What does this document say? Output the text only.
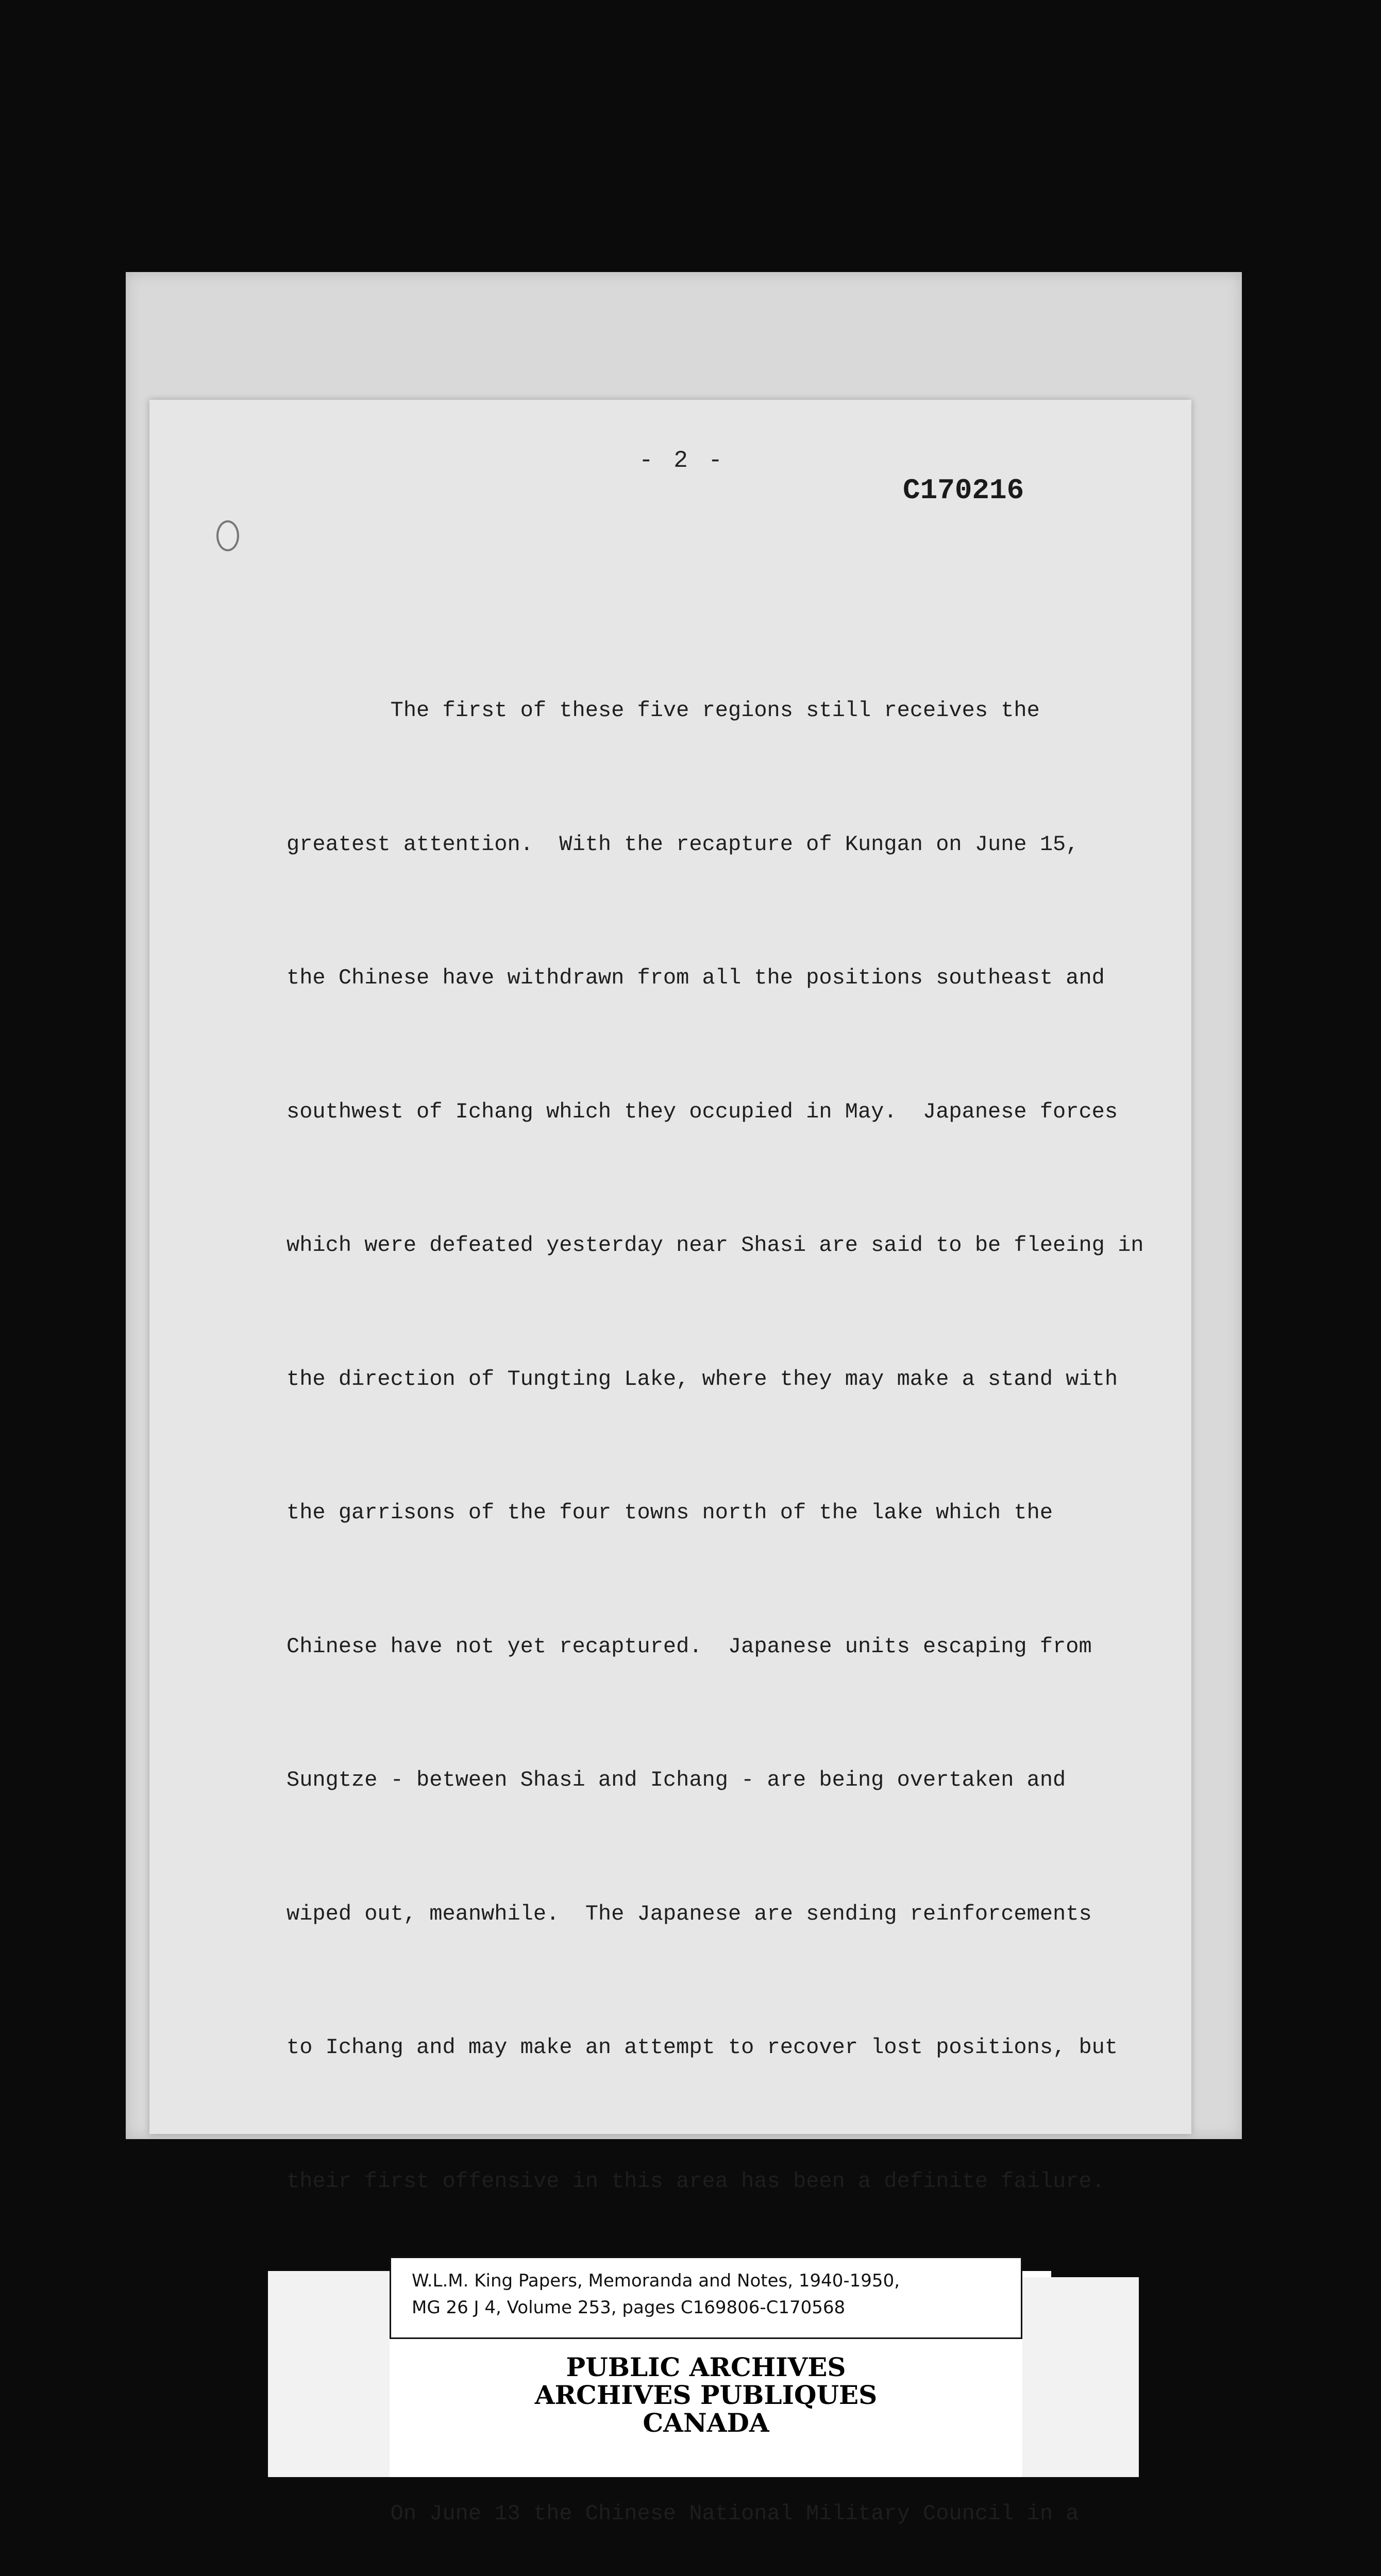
- 2 -
C170216

The first of these five regions still receives the

greatest attention.  With the recapture of Kungan on June 15,

the Chinese have withdrawn from all the positions southeast and

southwest of Ichang which they occupied in May.  Japanese forces

which were defeated yesterday near Shasi are said to be fleeing in

the direction of Tungting Lake, where they may make a stand with

the garrisons of the four towns north of the lake which the

Chinese have not yet recaptured.  Japanese units escaping from

Sungtze - between Shasi and Ichang - are being overtaken and

wiped out, meanwhile.  The Japanese are sending reinforcements

to Ichang and may make an attempt to recover lost positions, but

their first offensive in this area has been a definite failure.

On June 13 the Chinese National Military Council in a

W.L.M. King Papers, Memoranda and Notes, 1940-1950,
MG 26 J 4, Volume 253, pages C169806-C170568
PUBLIC ARCHIVES
ARCHIVES PUBLIQUES
CANADA
